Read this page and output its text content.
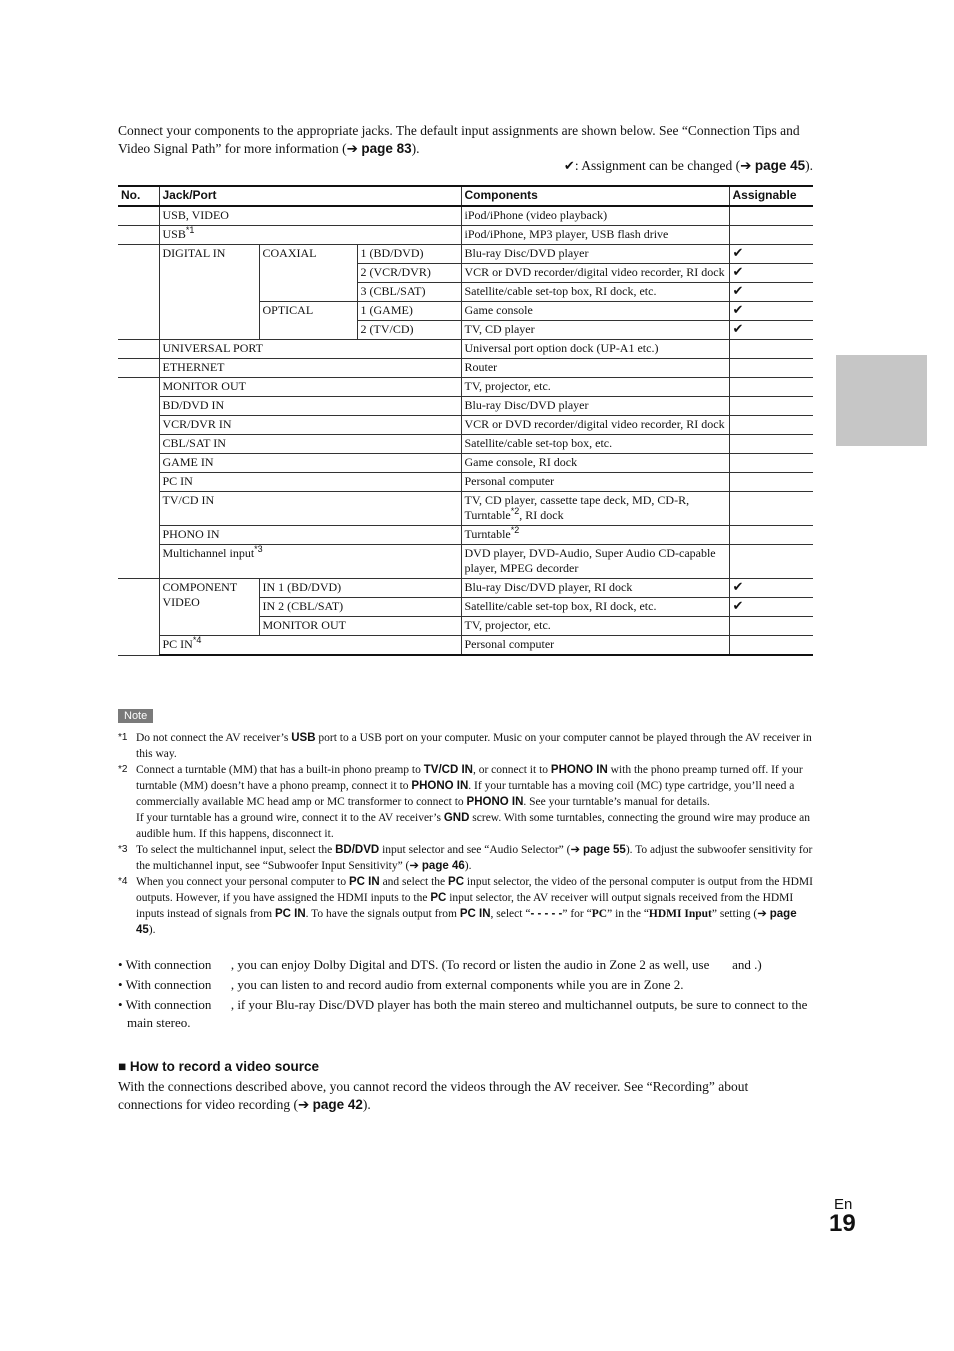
Connect your components to the appropriate jacks. The default input assignments are shown below. See “Connection Tips and Video Signal Path” for more information (➔ page 83).
✔: Assignment can be changed (➔ page 45).
No.	Jack/Port			Components	Assignable
	USB, VIDEO			iPod/iPhone (video playback)	
	USB$^{*1}$			iPod/iPhone, MP3 player, USB flash drive	
	DIGITAL IN	COAXIAL	1 (BD/DVD)	Blu-ray Disc/DVD player	✔
			2 (VCR/DVR)	VCR or DVD recorder/digital video recorder, RI dock	✔
			3 (CBL/SAT)	Satellite/cable set-top box, RI dock, etc.	✔
		OPTICAL	1 (GAME)	Game console	✔
			2 (TV/CD)	TV, CD player	✔
	UNIVERSAL PORT			Universal port option dock (UP-A1 etc.)	
	ETHERNET			Router	
	MONITOR OUT			TV, projector, etc.	
	BD/DVD IN			Blu-ray Disc/DVD player	
	VCR/DVR IN			VCR or DVD recorder/digital video recorder, RI dock	
	CBL/SAT IN			Satellite/cable set-top box, etc.	
	GAME IN			Game console, RI dock	
	PC IN			Personal computer	
	TV/CD IN			TV, CD player, cassette tape deck, MD, CD-R, Turntable$^{*2}$, RI dock	
	PHONO IN			Turntable$^{*2}$	
	Multichannel input$^{*3}$			DVD player, DVD-Audio, Super Audio CD-capable player, MPEG decorder	
	COMPONENT VIDEO	IN 1 (BD/DVD)		Blu-ray Disc/DVD player, RI dock	✔
		IN 2 (CBL/SAT)		Satellite/cable set-top box, RI dock, etc.	✔
		MONITOR OUT		TV, projector, etc.	
	PC IN$^{*4}$			Personal computer	
Note
*1 Do not connect the AV receiver’s USB port to a USB port on your computer. Music on your computer cannot be played through the AV receiver in this way.
*2 Connect a turntable (MM) that has a built-in phono preamp to TV/CD IN, or connect it to PHONO IN with the phono preamp turned off. If your turntable (MM) doesn’t have a phono preamp, connect it to PHONO IN. If your turntable has a moving coil (MC) type cartridge, you’ll need a commercially available MC head amp or MC transformer to connect to PHONO IN. See your turntable’s manual for details.
If your turntable has a ground wire, connect it to the AV receiver’s GND screw. With some turntables, connecting the ground wire may produce an audible hum. If this happens, disconnect it.
*3 To select the multichannel input, select the BD/DVD input selector and see “Audio Selector” (➔ page 55). To adjust the subwoofer sensitivity for the multichannel input, see “Subwoofer Input Sensitivity” (➔ page 46).
*4 When you connect your personal computer to PC IN and select the PC input selector, the video of the personal computer is output from the HDMI outputs. However, if you have assigned the HDMI inputs to the PC input selector, the AV receiver will output signals received from the HDMI inputs instead of signals from PC IN. To have the signals output from PC IN, select “- - - - -” for “PC” in the “HDMI Input” setting (➔ page 45).
• With connection      , you can enjoy Dolby Digital and DTS. (To record or listen the audio in Zone 2 as well, use       and .)
• With connection      , you can listen to and record audio from external components while you are in Zone 2.
• With connection      , if your Blu-ray Disc/DVD player has both the main stereo and multichannel outputs, be sure to connect to the main stereo.
■ How to record a video source
With the connections described above, you cannot record the videos through the AV receiver. See “Recording” about connections for video recording (➔ page 42).
En
19
